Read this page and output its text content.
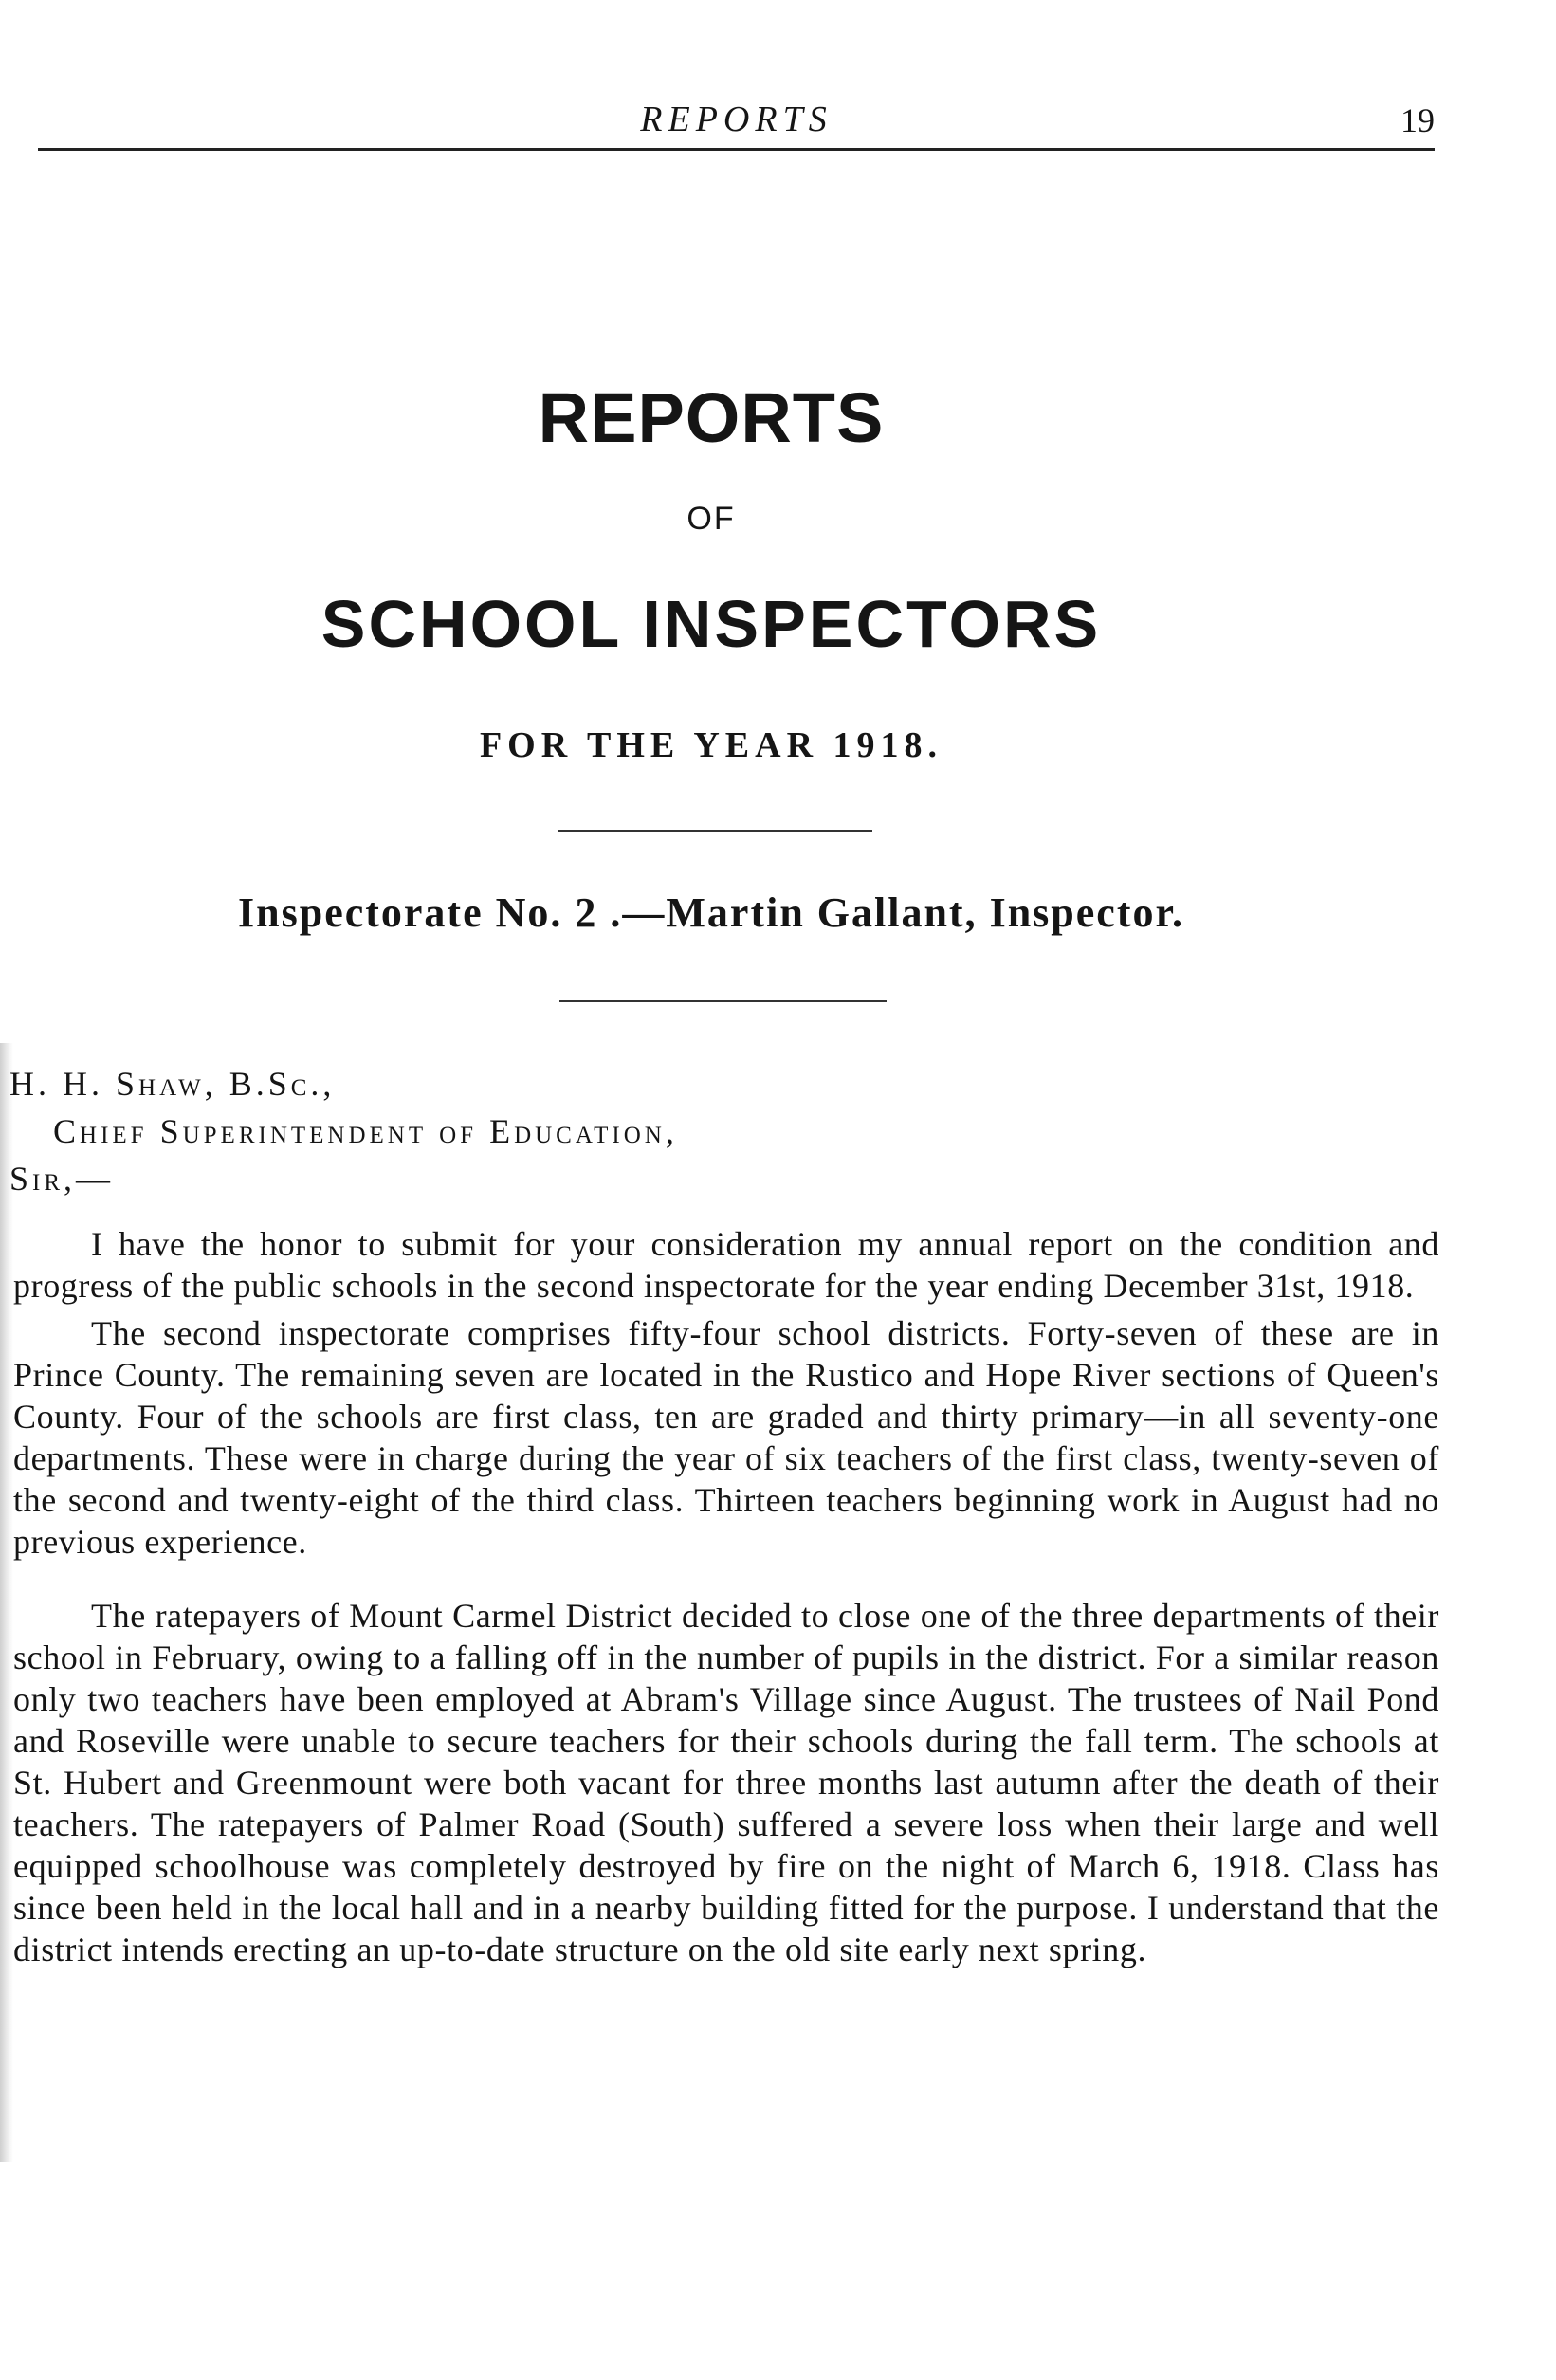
REPORTS	19
REPORTS
OF
SCHOOL INSPECTORS
FOR THE YEAR 1918.
Inspectorate No. 2 .—Martin Gallant, Inspector.
H. H. Shaw, B.Sc.,
Chief Superintendent of Education,
Sir,—

I have the honor to submit for your consideration my annual report on the condition and progress of the public schools in the second inspectorate for the year ending December 31st, 1918.

The second inspectorate comprises fifty-four school districts. Forty-seven of these are in Prince County. The remaining seven are located in the Rustico and Hope River sections of Queen's County. Four of the schools are first class, ten are graded and thirty primary—in all seventy-one departments. These were in charge during the year of six teachers of the first class, twenty-seven of the second and twenty-eight of the third class. Thirteen teachers beginning work in August had no previous experience.

The ratepayers of Mount Carmel District decided to close one of the three departments of their school in February, owing to a falling off in the number of pupils in the district. For a similar reason only two teachers have been employed at Abram's Village since August. The trustees of Nail Pond and Roseville were unable to secure teachers for their schools during the fall term. The schools at St. Hubert and Greenmount were both vacant for three months last autumn after the death of their teachers. The ratepayers of Palmer Road (South) suffered a severe loss when their large and well equipped schoolhouse was completely destroyed by fire on the night of March 6, 1918. Class has since been held in the local hall and in a nearby building fitted for the purpose. I understand that the district intends erecting an up-to-date structure on the old site early next spring.
